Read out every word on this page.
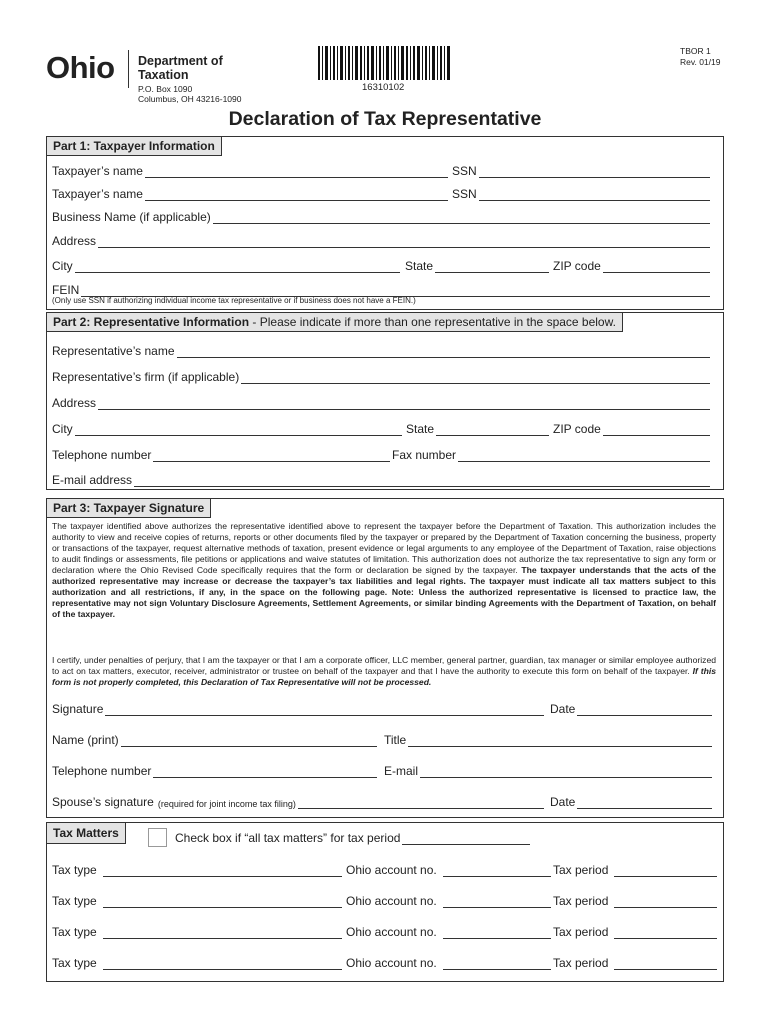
Ohio Department of
Taxation
P.O. Box 1090
Columbus, OH 43216-1090
16310102
TBOR 1
Rev. 01/19
Declaration of Tax Representative
Part 1: Taxpayer Information
Taxpayer’s name	SSN
Taxpayer’s name	SSN
Business Name (if applicable)
Address
City	State	ZIP code
FEIN
(Only use SSN if authorizing individual income tax representative or if business does not have a FEIN.)
Part 2: Representative Information - Please indicate if more than one representative in the space below.
Representative’s name
Representative’s firm (if applicable)
Address
City	State	ZIP code
Telephone number	Fax number
E-mail address
Part 3: Taxpayer Signature
The taxpayer identified above authorizes the representative identified above to represent the taxpayer before the Department of Taxation. This authorization includes the authority to view and receive copies of returns, reports or other documents filed by the taxpayer or prepared by the Department of Taxation concerning the business, property or transactions of the taxpayer, request alternative methods of taxation, present evidence or legal arguments to any employee of the Department of Taxation, raise objections to audit findings or assessments, file petitions or applications and waive statutes of limitation. This authorization does not authorize the tax representative to sign any form or declaration where the Ohio Revised Code specifically requires that the form or declaration be signed by the taxpayer. The taxpayer understands that the acts of the authorized representative may increase or decrease the taxpayer’s tax liabilities and legal rights. The taxpayer must indicate all tax matters subject to this authorization and all restrictions, if any, in the space on the following page. Note: Unless the authorized representative is licensed to practice law, the representative may not sign Voluntary Disclosure Agreements, Settlement Agreements, or similar binding Agreements with the Department of Taxation, on behalf of the taxpayer.
I certify, under penalties of perjury, that I am the taxpayer or that I am a corporate officer, LLC member, general partner, guardian, tax manager or similar employee authorized to act on tax matters, executor, receiver, administrator or trustee on behalf of the taxpayer and that I have the authority to execute this form on behalf of the taxpayer. If this form is not properly completed, this Declaration of Tax Representative will not be processed.
Signature	Date
Name (print)	Title
Telephone number	E-mail
Spouse’s signature (required for joint income tax filing)	Date
Tax Matters	Check box if “all tax matters” for tax period
Tax type	Ohio account no.	Tax period
Tax type	Ohio account no.	Tax period
Tax type	Ohio account no.	Tax period
Tax type	Ohio account no.	Tax period
